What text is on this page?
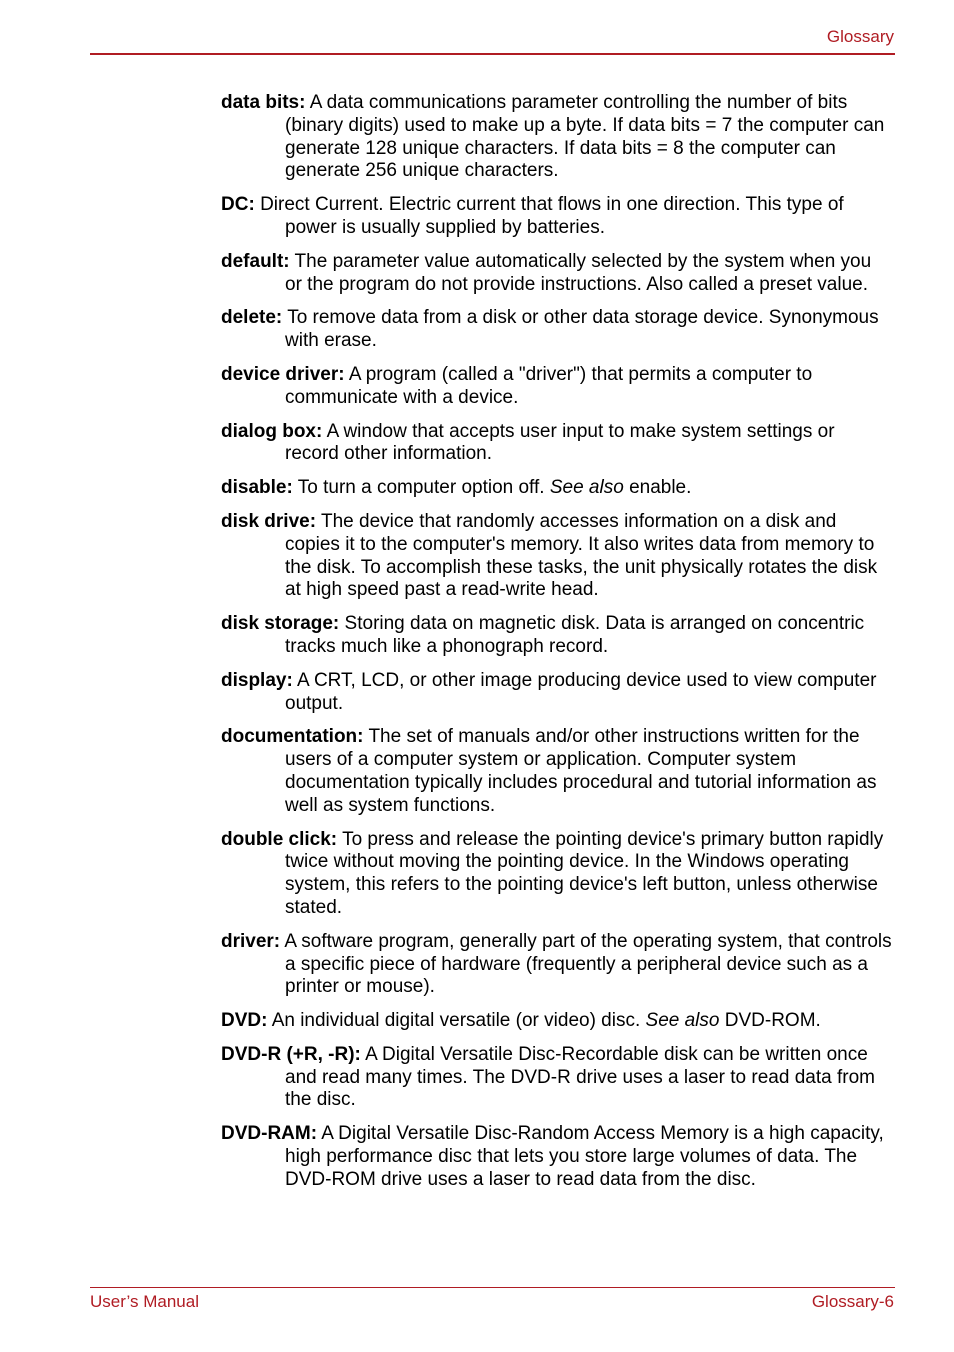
Glossary

data bits: A data communications parameter controlling the number of bits (binary digits) used to make up a byte. If data bits = 7 the computer can generate 128 unique characters. If data bits = 8 the computer can generate 256 unique characters.

DC: Direct Current. Electric current that flows in one direction. This type of power is usually supplied by batteries.

default: The parameter value automatically selected by the system when you or the program do not provide instructions. Also called a preset value.

delete: To remove data from a disk or other data storage device. Synonymous with erase.

device driver: A program (called a "driver") that permits a computer to communicate with a device.

dialog box: A window that accepts user input to make system settings or record other information.

disable: To turn a computer option off. See also enable.

disk drive: The device that randomly accesses information on a disk and copies it to the computer's memory. It also writes data from memory to the disk. To accomplish these tasks, the unit physically rotates the disk at high speed past a read-write head.

disk storage: Storing data on magnetic disk. Data is arranged on concentric tracks much like a phonograph record.

display: A CRT, LCD, or other image producing device used to view computer output.

documentation: The set of manuals and/or other instructions written for the users of a computer system or application. Computer system documentation typically includes procedural and tutorial information as well as system functions.

double click: To press and release the pointing device's primary button rapidly twice without moving the pointing device. In the Windows operating system, this refers to the pointing device's left button, unless otherwise stated.

driver: A software program, generally part of the operating system, that controls a specific piece of hardware (frequently a peripheral device such as a printer or mouse).

DVD: An individual digital versatile (or video) disc. See also DVD-ROM.

DVD-R (+R, -R): A Digital Versatile Disc-Recordable disk can be written once and read many times. The DVD-R drive uses a laser to read data from the disc.

DVD-RAM: A Digital Versatile Disc-Random Access Memory is a high capacity, high performance disc that lets you store large volumes of data. The DVD-ROM drive uses a laser to read data from the disc.

User’s Manual	Glossary-6
